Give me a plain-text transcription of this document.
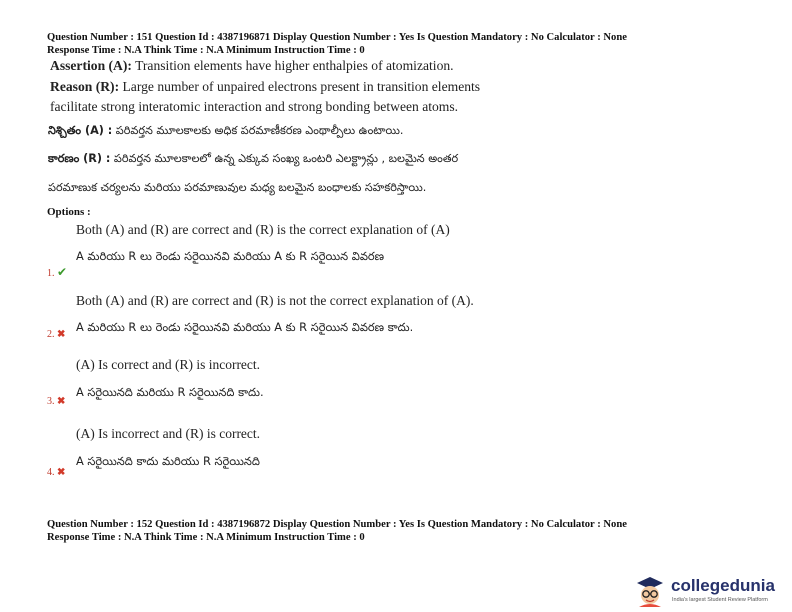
Question Number : 151 Question Id : 4387196871 Display Question Number : Yes Is Question Mandatory : No Calculator : None
Response Time : N.A Think Time : N.A Minimum Instruction Time : 0
Assertion (A): Transition elements have higher enthalpies of atomization.
Reason (R): Large number of unpaired electrons present in transition elements
facilitate strong interatomic interaction and strong bonding between atoms.
నిశ్చితం (A) : పరివర్తన మూలకాలకు అధిక పరమాణీకరణ ఎంథాల్పీలు ఉంటాయి.
కారణం (R) : పరివర్తన మూలకాలలో ఉన్న ఎక్కువ సంఖ్య ఒంటరి ఎలక్ట్రాన్లు , బలమైన అంతర
పరమాణుక చర్యలను మరియు పరమాణువుల మధ్య బలమైన బంధాలకు సహకరిస్తాయి.
Options :
Both (A) and (R) are correct and (R) is the correct explanation of (A)
A మరియు R లు రెండు సరైయినవి మరియు A కు R సరైయిన వివరణ
1. ✔
Both (A) and (R) are correct and (R) is not the correct explanation of (A).
A మరియు R లు రెండు సరైయినవి మరియు A కు R సరైయిన వివరణ కాదు.
2. ✖
(A) Is correct and (R) is incorrect.
A సరైయినది మరియు R సరైయినది కాదు.
3. ✖
(A) Is incorrect and (R) is correct.
A సరైయినది కాదు మరియు R సరైయినది
4. ✖
Question Number : 152 Question Id : 4387196872 Display Question Number : Yes Is Question Mandatory : No Calculator : None
Response Time : N.A Think Time : N.A Minimum Instruction Time : 0
collegedunia
India's largest Student Review Platform
